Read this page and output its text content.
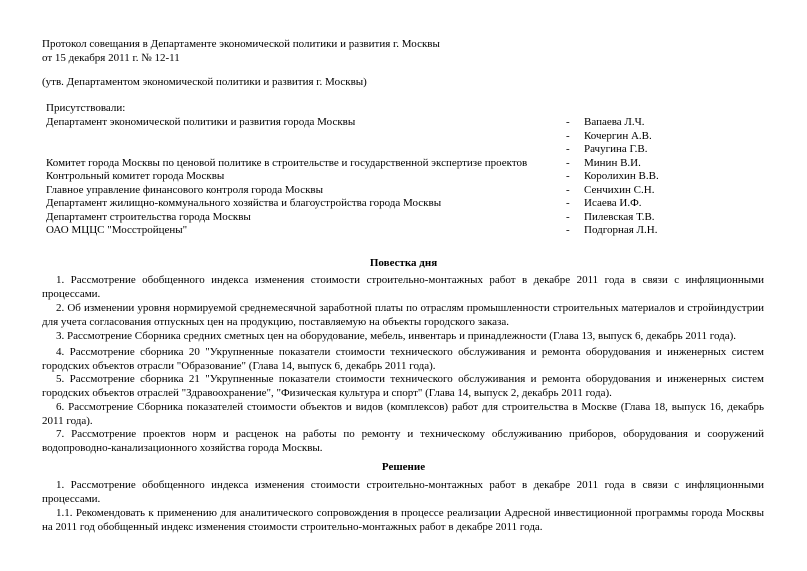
Протокол совещания в Департаменте экономической политики и развития г. Москвы
от 15 декабря 2011 г. № 12-11
(утв. Департаментом экономической политики и развития г. Москвы)
Присутствовали:
Департамент экономической политики и развития города Москвы	- Вапаева Л.Ч.
- Кочергин А.В.
- Рачугина Г.В.
Комитет города Москвы по ценовой политике в строительстве и государственной экспертизе проектов	- Минин В.И.
Контрольный комитет города Москвы	- Королихин В.В.
Главное управление финансового контроля города Москвы	- Сенчихин С.Н.
Департамент жилищно-коммунального хозяйства и благоустройства города Москвы	- Исаева И.Ф.
Департамент строительства города Москвы	- Пилевская Т.В.
ОАО МЦЦС "Мосстройцены"	- Подгорная Л.Н.
Повестка дня

1. Рассмотрение обобщенного индекса изменения стоимости строительно-монтажных работ в декабре 2011 года в связи с инфляционными процессами.

2. Об изменении уровня нормируемой среднемесячной заработной платы по отраслям промышленности строительных материалов и стройиндустрии для учета согласования отпускных цен на продукцию, поставляемую на объекты городского заказа.

3. Рассмотрение Сборника средних сметных цен на оборудование, мебель, инвентарь и принадлежности (Глава 13, выпуск 6, декабрь 2011 года).

4. Рассмотрение сборника 20 "Укрупненные показатели стоимости технического обслуживания и ремонта оборудования и инженерных систем городских объектов отрасли "Образование" (Глава 14, выпуск 6, декабрь 2011 года).

5. Рассмотрение сборника 21 "Укрупненные показатели стоимости технического обслуживания и ремонта оборудования и инженерных систем городских объектов отраслей "Здравоохранение", "Физическая культура и спорт" (Глава 14, выпуск 2, декабрь 2011 года).

6. Рассмотрение Сборника показателей стоимости объектов и видов (комплексов) работ для строительства в Москве (Глава 18, выпуск 16, декабрь 2011 года).

7. Рассмотрение проектов норм и расценок на работы по ремонту и техническому обслуживанию приборов, оборудования и сооружений водопроводно-канализационного хозяйства города Москвы.

Решение

1. Рассмотрение обобщенного индекса изменения стоимости строительно-монтажных работ в декабре 2011 года в связи с инфляционными процессами.

1.1. Рекомендовать к применению для аналитического сопровождения в процессе реализации Адресной инвестиционной программы города Москвы на 2011 год обобщенный индекс изменения стоимости строительно-монтажных работ в декабре 2011 года.
